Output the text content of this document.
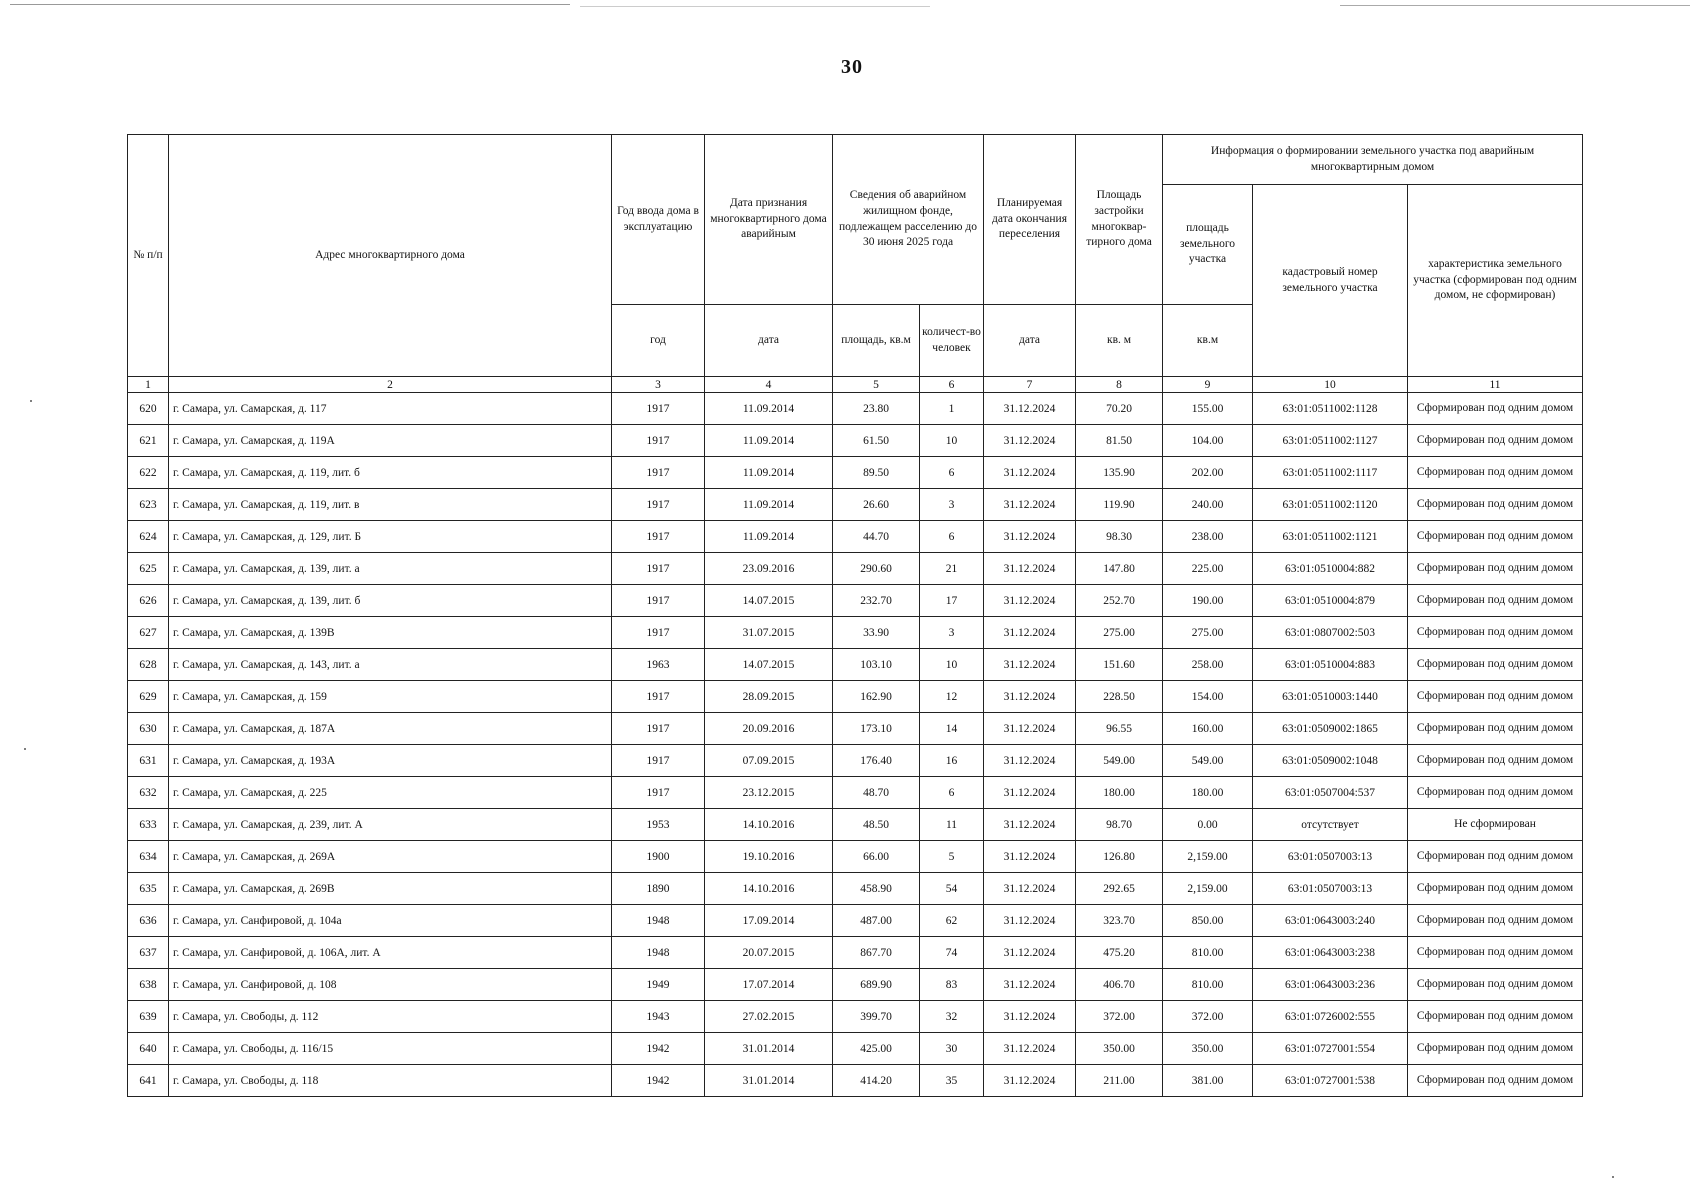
30
№ п/п	Адрес многоквартирного дома	Год ввода дома в эксплуатацию	Дата признания многоквартирного дома аварийным	Сведения об аварийном жилищном фонде, подлежащем расселению до 30 июня 2025 года		Планируемая дата окончания переселения	Площадь застройки многоквар-тирного дома	Информация о формировании земельного участка под аварийным многоквартирным домом		
								площадь земельного участка	кадастровый номер земельного участка	характеристика земельного участка (сформирован под одним домом, не сформирован)
		год	дата	площадь, кв.м	количест-во человек	дата	кв. м	кв.м		
1	2	3	4	5	6	7	8	9	10	11
620	г. Самара, ул. Самарская, д. 117	1917	11.09.2014	23.80	1	31.12.2024	70.20	155.00	63:01:0511002:1128	Сформирован под одним домом
621	г. Самара, ул. Самарская, д. 119А	1917	11.09.2014	61.50	10	31.12.2024	81.50	104.00	63:01:0511002:1127	Сформирован под одним домом
622	г. Самара, ул. Самарская, д. 119, лит. б	1917	11.09.2014	89.50	6	31.12.2024	135.90	202.00	63:01:0511002:1117	Сформирован под одним домом
623	г. Самара, ул. Самарская, д. 119, лит. в	1917	11.09.2014	26.60	3	31.12.2024	119.90	240.00	63:01:0511002:1120	Сформирован под одним домом
624	г. Самара, ул. Самарская, д. 129, лит. Б	1917	11.09.2014	44.70	6	31.12.2024	98.30	238.00	63:01:0511002:1121	Сформирован под одним домом
625	г. Самара, ул. Самарская, д. 139, лит. а	1917	23.09.2016	290.60	21	31.12.2024	147.80	225.00	63:01:0510004:882	Сформирован под одним домом
626	г. Самара, ул. Самарская, д. 139, лит. б	1917	14.07.2015	232.70	17	31.12.2024	252.70	190.00	63:01:0510004:879	Сформирован под одним домом
627	г. Самара, ул. Самарская, д. 139В	1917	31.07.2015	33.90	3	31.12.2024	275.00	275.00	63:01:0807002:503	Сформирован под одним домом
628	г. Самара, ул. Самарская, д. 143, лит. а	1963	14.07.2015	103.10	10	31.12.2024	151.60	258.00	63:01:0510004:883	Сформирован под одним домом
629	г. Самара, ул. Самарская, д. 159	1917	28.09.2015	162.90	12	31.12.2024	228.50	154.00	63:01:0510003:1440	Сформирован под одним домом
630	г. Самара, ул. Самарская, д. 187А	1917	20.09.2016	173.10	14	31.12.2024	96.55	160.00	63:01:0509002:1865	Сформирован под одним домом
631	г. Самара, ул. Самарская, д. 193А	1917	07.09.2015	176.40	16	31.12.2024	549.00	549.00	63:01:0509002:1048	Сформирован под одним домом
632	г. Самара, ул. Самарская, д. 225	1917	23.12.2015	48.70	6	31.12.2024	180.00	180.00	63:01:0507004:537	Сформирован под одним домом
633	г. Самара, ул. Самарская, д. 239, лит. А	1953	14.10.2016	48.50	11	31.12.2024	98.70	0.00	отсутствует	Не сформирован
634	г. Самара, ул. Самарская, д. 269А	1900	19.10.2016	66.00	5	31.12.2024	126.80	2,159.00	63:01:0507003:13	Сформирован под одним домом
635	г. Самара, ул. Самарская, д. 269В	1890	14.10.2016	458.90	54	31.12.2024	292.65	2,159.00	63:01:0507003:13	Сформирован под одним домом
636	г. Самара, ул. Санфировой, д. 104а	1948	17.09.2014	487.00	62	31.12.2024	323.70	850.00	63:01:0643003:240	Сформирован под одним домом
637	г. Самара, ул. Санфировой, д. 106А, лит. А	1948	20.07.2015	867.70	74	31.12.2024	475.20	810.00	63:01:0643003:238	Сформирован под одним домом
638	г. Самара, ул. Санфировой, д. 108	1949	17.07.2014	689.90	83	31.12.2024	406.70	810.00	63:01:0643003:236	Сформирован под одним домом
639	г. Самара, ул. Свободы, д. 112	1943	27.02.2015	399.70	32	31.12.2024	372.00	372.00	63:01:0726002:555	Сформирован под одним домом
640	г. Самара, ул. Свободы, д. 116/15	1942	31.01.2014	425.00	30	31.12.2024	350.00	350.00	63:01:0727001:554	Сформирован под одним домом
641	г. Самара, ул. Свободы, д. 118	1942	31.01.2014	414.20	35	31.12.2024	211.00	381.00	63:01:0727001:538	Сформирован под одним домом
